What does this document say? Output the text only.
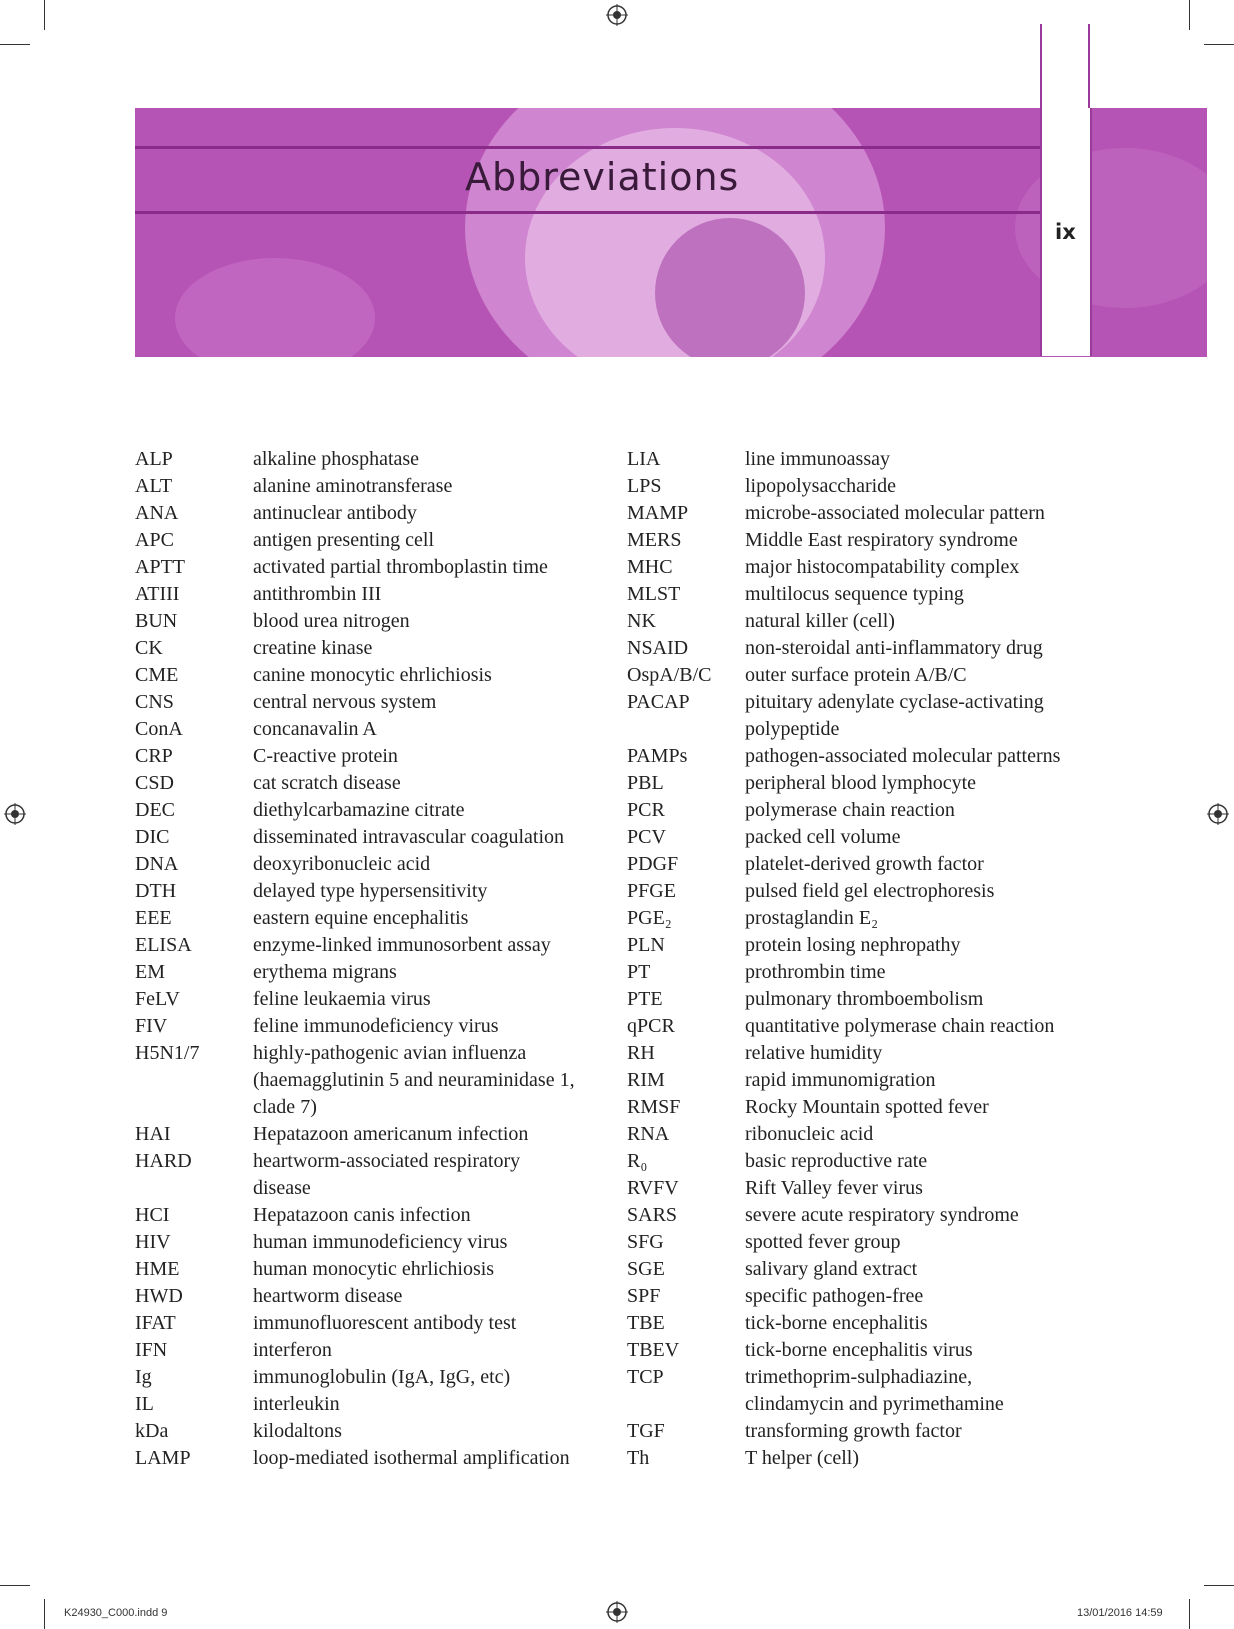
Abbreviations
ix
ALP	alkaline phosphatase
ALT	alanine aminotransferase
ANA	antinuclear antibody
APC	antigen presenting cell
APTT	activated partial thromboplastin time
ATIII	antithrombin III
BUN	blood urea nitrogen
CK	creatine kinase
CME	canine monocytic ehrlichiosis
CNS	central nervous system
ConA	concanavalin A
CRP	C-reactive protein
CSD	cat scratch disease
DEC	diethylcarbamazine citrate
DIC	disseminated intravascular coagulation
DNA	deoxyribonucleic acid
DTH	delayed type hypersensitivity
EEE	eastern equine encephalitis
ELISA	enzyme-linked immunosorbent assay
EM	erythema migrans
FeLV	feline leukaemia virus
FIV	feline immunodeficiency virus
H5N1/7	highly-pathogenic avian influenza
(haemagglutinin 5 and neuraminidase 1,
clade 7)
HAI	Hepatazoon americanum infection
HARD	heartworm-associated respiratory
disease
HCI	Hepatazoon canis infection
HIV	human immunodeficiency virus
HME	human monocytic ehrlichiosis
HWD	heartworm disease
IFAT	immunofluorescent antibody test
IFN	interferon
Ig	immunoglobulin (IgA, IgG, etc)
IL	interleukin
kDa	kilodaltons
LAMP	loop-mediated isothermal amplification
LIA	line immunoassay
LPS	lipopolysaccharide
MAMP	microbe-associated molecular pattern
MERS	Middle East respiratory syndrome
MHC	major histocompatability complex
MLST	multilocus sequence typing
NK	natural killer (cell)
NSAID	non-steroidal anti-inflammatory drug
OspA/B/C	outer surface protein A/B/C
PACAP	pituitary adenylate cyclase-activating
polypeptide
PAMPs	pathogen-associated molecular patterns
PBL	peripheral blood lymphocyte
PCR	polymerase chain reaction
PCV	packed cell volume
PDGF	platelet-derived growth factor
PFGE	pulsed field gel electrophoresis
PGE₂	prostaglandin E₂
PLN	protein losing nephropathy
PT	prothrombin time
PTE	pulmonary thromboembolism
qPCR	quantitative polymerase chain reaction
RH	relative humidity
RIM	rapid immunomigration
RMSF	Rocky Mountain spotted fever
RNA	ribonucleic acid
R₀	basic reproductive rate
RVFV	Rift Valley fever virus
SARS	severe acute respiratory syndrome
SFG	spotted fever group
SGE	salivary gland extract
SPF	specific pathogen-free
TBE	tick-borne encephalitis
TBEV	tick-borne encephalitis virus
TCP	trimethoprim-sulphadiazine,
clindamycin and pyrimethamine
TGF	transforming growth factor
Th	T helper (cell)
K24930_C000.indd 9	13/01/2016 14:59
